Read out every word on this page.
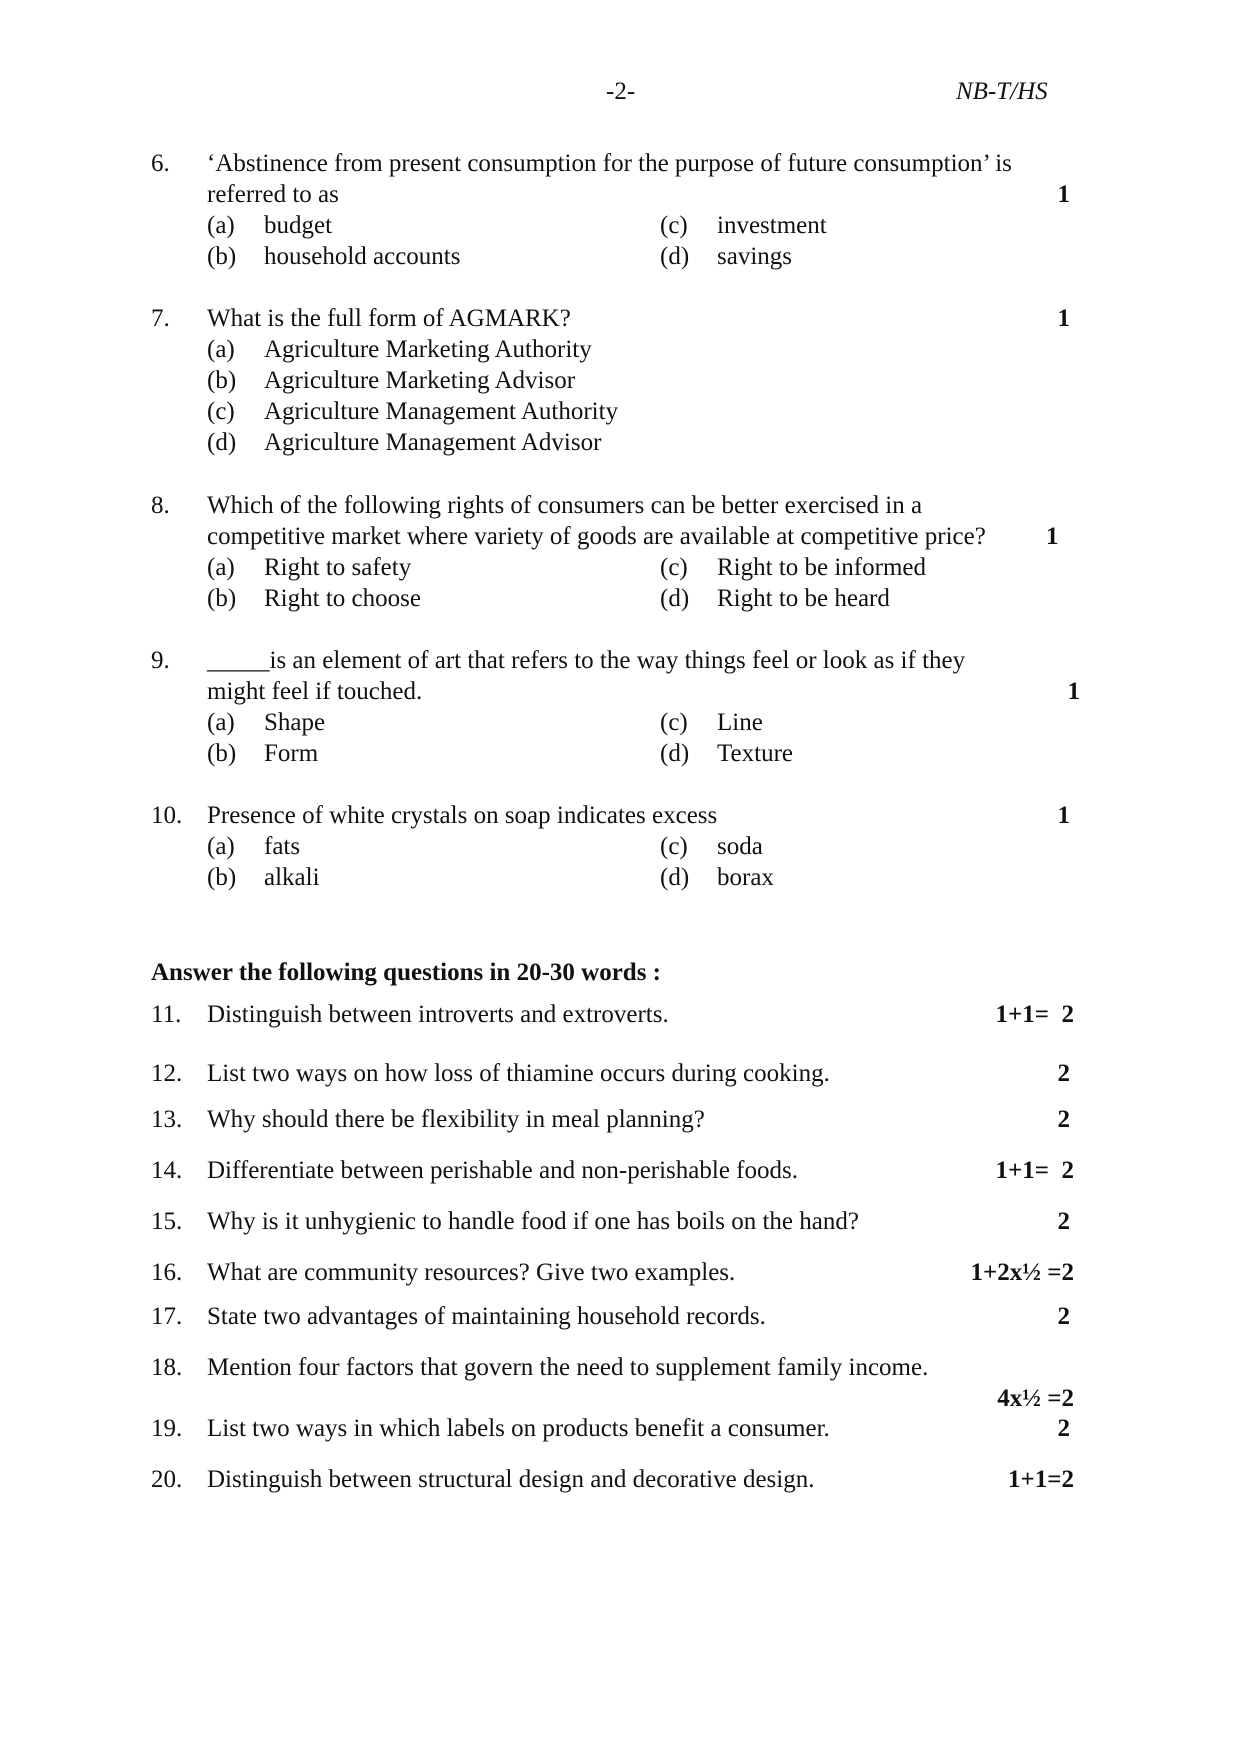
-2-	NB-T/HS
6. ‘Abstinence from present consumption for the purpose of future consumption’ is
referred to as	1
(a) budget	(c) investment
(b) household accounts	(d) savings
7. What is the full form of AGMARK?	1
(a) Agriculture Marketing Authority
(b) Agriculture Marketing Advisor
(c) Agriculture Management Authority
(d) Agriculture Management Advisor
8. Which of the following rights of consumers can be better exercised in a
competitive market where variety of goods are available at competitive price? 1
(a) Right to safety	(c) Right to be informed
(b) Right to choose	(d) Right to be heard
9. _____is an element of art that refers to the way things feel or look as if they
might feel if touched.	1
(a) Shape	(c) Line
(b) Form	(d) Texture
10. Presence of white crystals on soap indicates excess	1
(a) fats	(c) soda
(b) alkali	(d) borax
Answer the following questions in 20-30 words :
11. Distinguish between introverts and extroverts.	1+1=  2
12. List two ways on how loss of thiamine occurs during cooking.	2
13. Why should there be flexibility in meal planning?	2
14. Differentiate between perishable and non-perishable foods.	1+1=  2
15. Why is it unhygienic to handle food if one has boils on the hand?	2
16. What are community resources? Give two examples.	1+2x½ =2
17. State two advantages of maintaining household records.	2
18. Mention four factors that govern the need to supplement family income.
4x½ =2
19. List two ways in which labels on products benefit a consumer.	2
20. Distinguish between structural design and decorative design.	1+1=2
